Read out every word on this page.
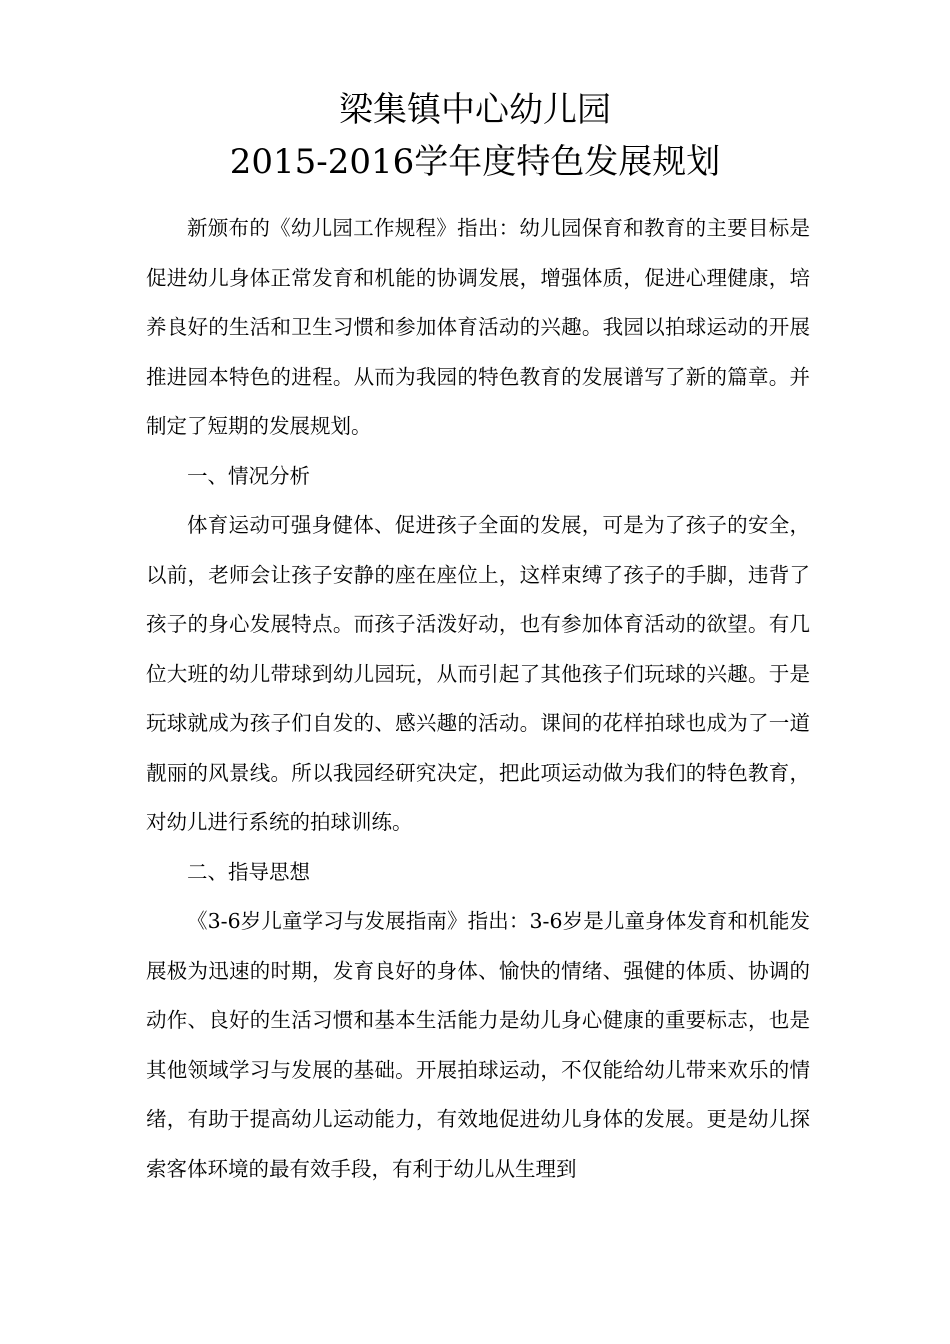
梁集镇中心幼儿园
2015-2016学年度特色发展规划

新颁布的《幼儿园工作规程》指出：幼儿园保育和教育的主要目标是促进幼儿身体正常发育和机能的协调发展，增强体质，促进心理健康，培养良好的生活和卫生习惯和参加体育活动的兴趣。我园以拍球运动的开展推进园本特色的进程。从而为我园的特色教育的发展谱写了新的篇章。并制定了短期的发展规划。

一、情况分析

体育运动可强身健体、促进孩子全面的发展，可是为了孩子的安全，以前，老师会让孩子安静的座在座位上，这样束缚了孩子的手脚，违背了孩子的身心发展特点。而孩子活泼好动，也有参加体育活动的欲望。有几位大班的幼儿带球到幼儿园玩，从而引起了其他孩子们玩球的兴趣。于是玩球就成为孩子们自发的、感兴趣的活动。课间的花样拍球也成为了一道靓丽的风景线。所以我园经研究决定，把此项运动做为我们的特色教育，对幼儿进行系统的拍球训练。

二、指导思想

《3-6岁儿童学习与发展指南》指出：3-6岁是儿童身体发育和机能发展极为迅速的时期，发育良好的身体、愉快的情绪、强健的体质、协调的动作、良好的生活习惯和基本生活能力是幼儿身心健康的重要标志，也是其他领域学习与发展的基础。开展拍球运动，不仅能给幼儿带来欢乐的情绪，有助于提高幼儿运动能力，有效地促进幼儿身体的发展。更是幼儿探索客体环境的最有效手段，有利于幼儿从生理到
